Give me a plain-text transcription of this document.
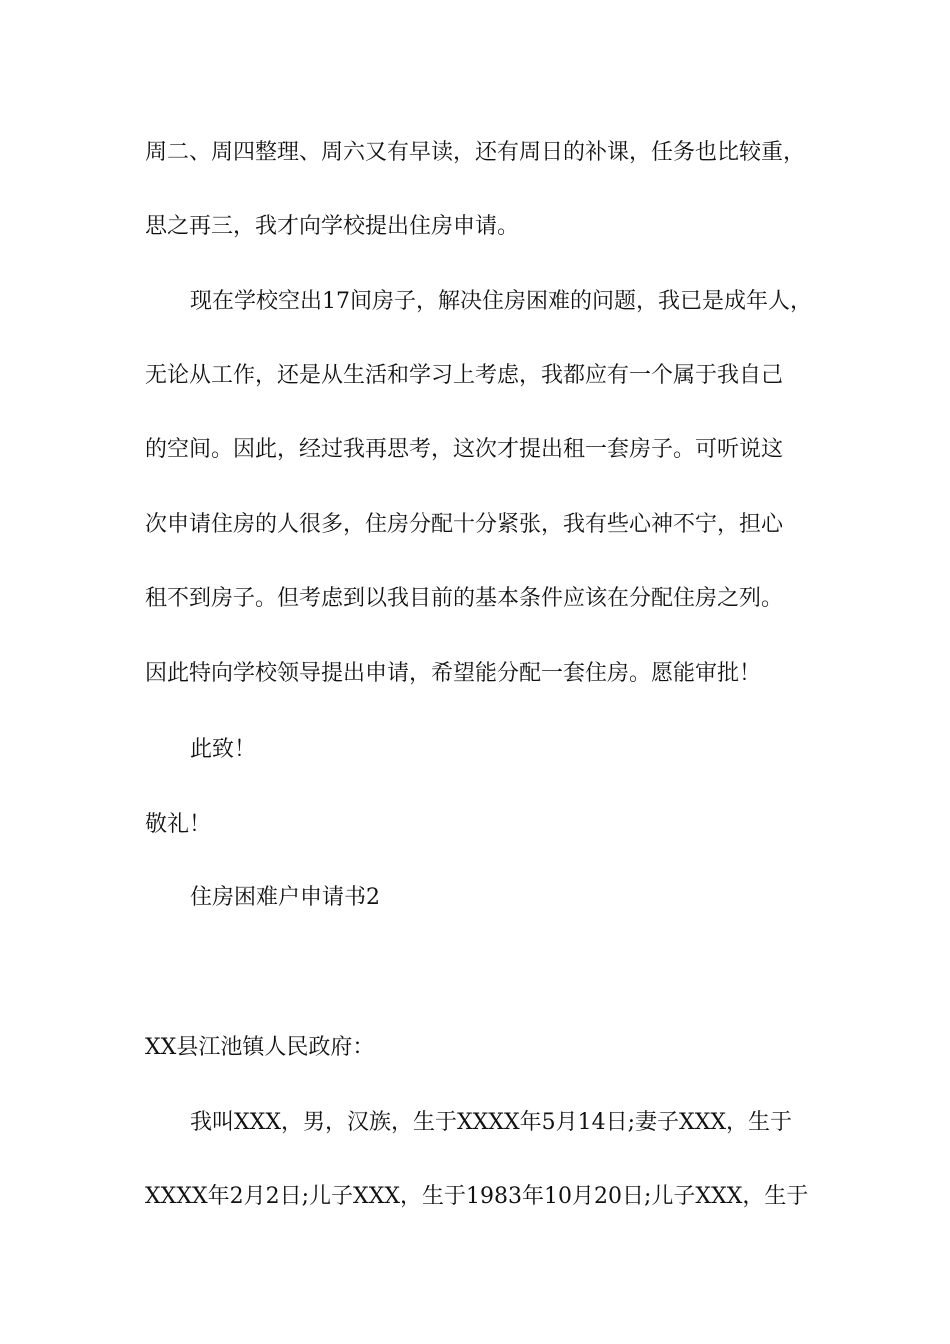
周二、周四整理、周六又有早读，还有周日的补课，任务也比较重，

思之再三，我才向学校提出住房申请。

现在学校空出17间房子，解决住房困难的问题，我已是成年人，

无论从工作，还是从生活和学习上考虑，我都应有一个属于我自己

的空间。因此，经过我再思考，这次才提出租一套房子。可听说这

次申请住房的人很多，住房分配十分紧张，我有些心神不宁，担心

租不到房子。但考虑到以我目前的基本条件应该在分配住房之列。

因此特向学校领导提出申请，希望能分配一套住房。愿能审批！

此致！

敬礼！

住房困难户申请书2

XX县江池镇人民政府：

我叫XXX，男，汉族，生于XXXX年5月14日;妻子XXX，生于

XXXX年2月2日;儿子XXX，生于1983年10月20日;儿子XXX，生于
